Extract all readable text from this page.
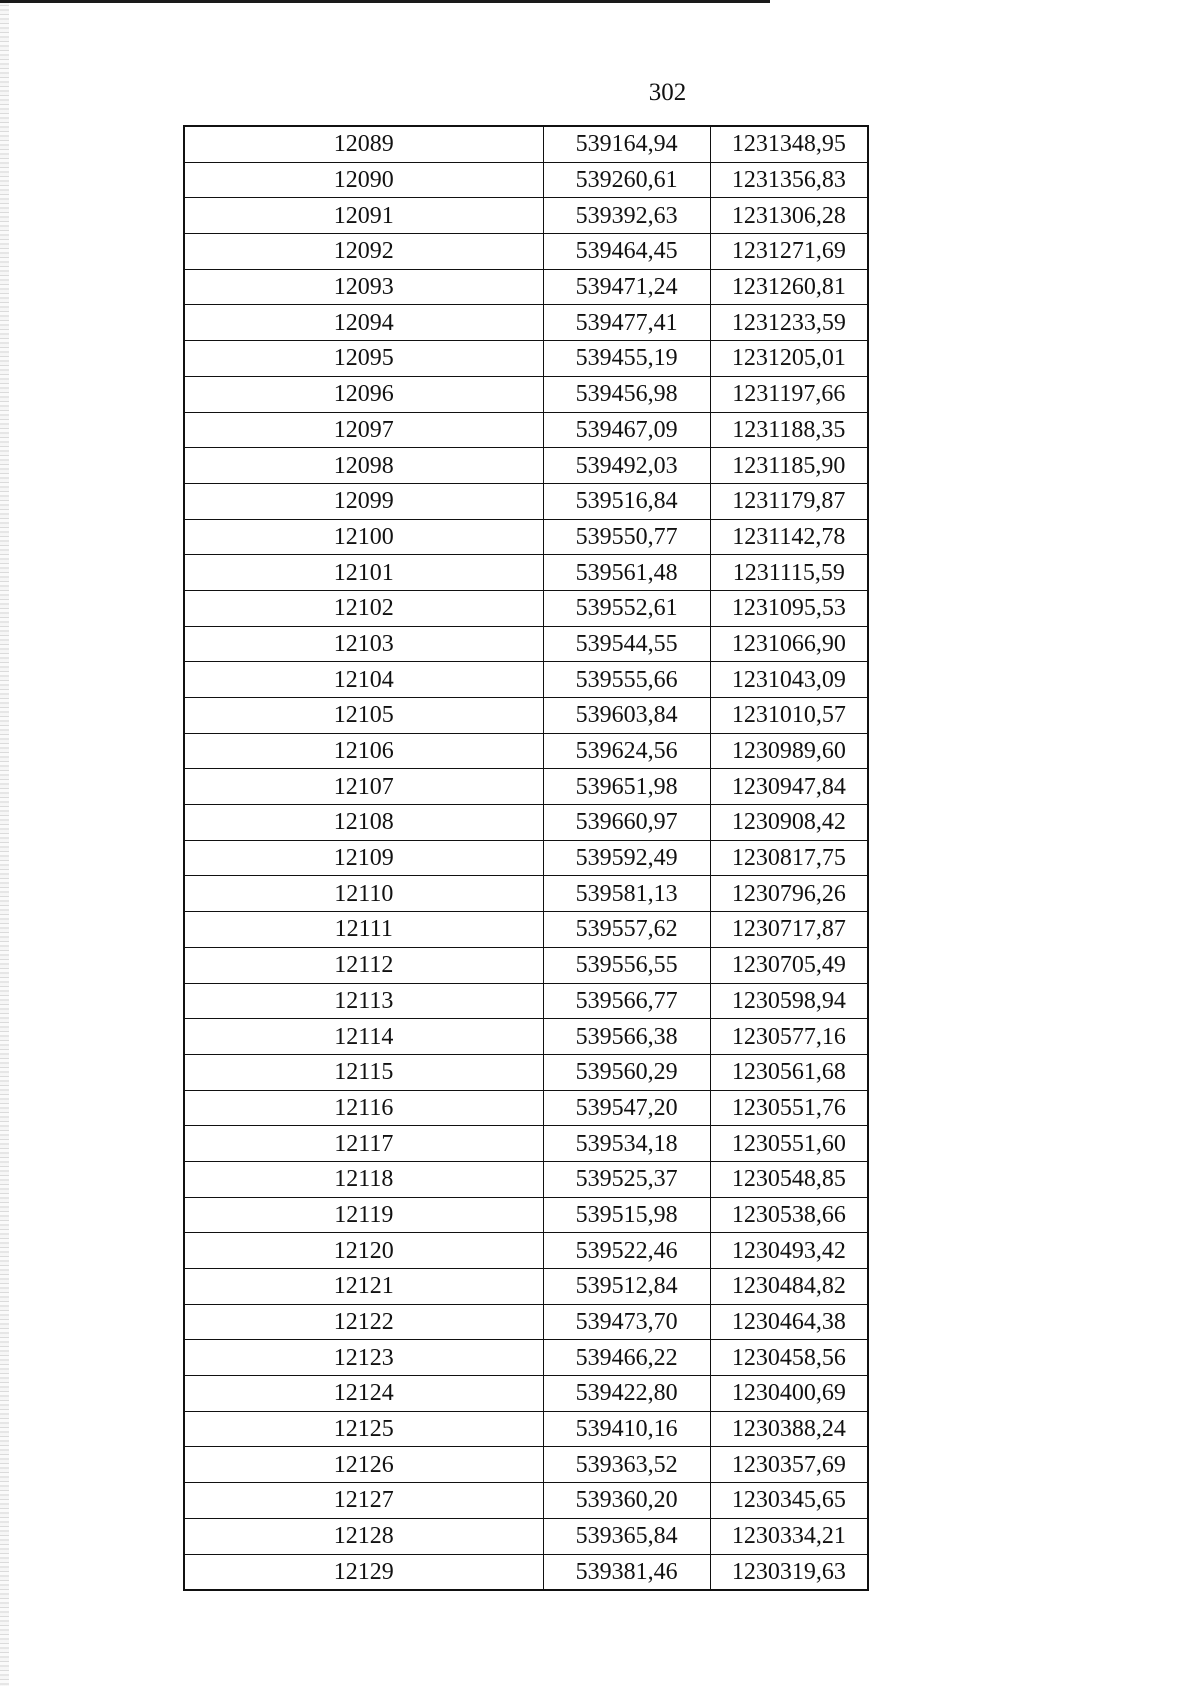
302
12089	539164,94	1231348,95
12090	539260,61	1231356,83
12091	539392,63	1231306,28
12092	539464,45	1231271,69
12093	539471,24	1231260,81
12094	539477,41	1231233,59
12095	539455,19	1231205,01
12096	539456,98	1231197,66
12097	539467,09	1231188,35
12098	539492,03	1231185,90
12099	539516,84	1231179,87
12100	539550,77	1231142,78
12101	539561,48	1231115,59
12102	539552,61	1231095,53
12103	539544,55	1231066,90
12104	539555,66	1231043,09
12105	539603,84	1231010,57
12106	539624,56	1230989,60
12107	539651,98	1230947,84
12108	539660,97	1230908,42
12109	539592,49	1230817,75
12110	539581,13	1230796,26
12111	539557,62	1230717,87
12112	539556,55	1230705,49
12113	539566,77	1230598,94
12114	539566,38	1230577,16
12115	539560,29	1230561,68
12116	539547,20	1230551,76
12117	539534,18	1230551,60
12118	539525,37	1230548,85
12119	539515,98	1230538,66
12120	539522,46	1230493,42
12121	539512,84	1230484,82
12122	539473,70	1230464,38
12123	539466,22	1230458,56
12124	539422,80	1230400,69
12125	539410,16	1230388,24
12126	539363,52	1230357,69
12127	539360,20	1230345,65
12128	539365,84	1230334,21
12129	539381,46	1230319,63
